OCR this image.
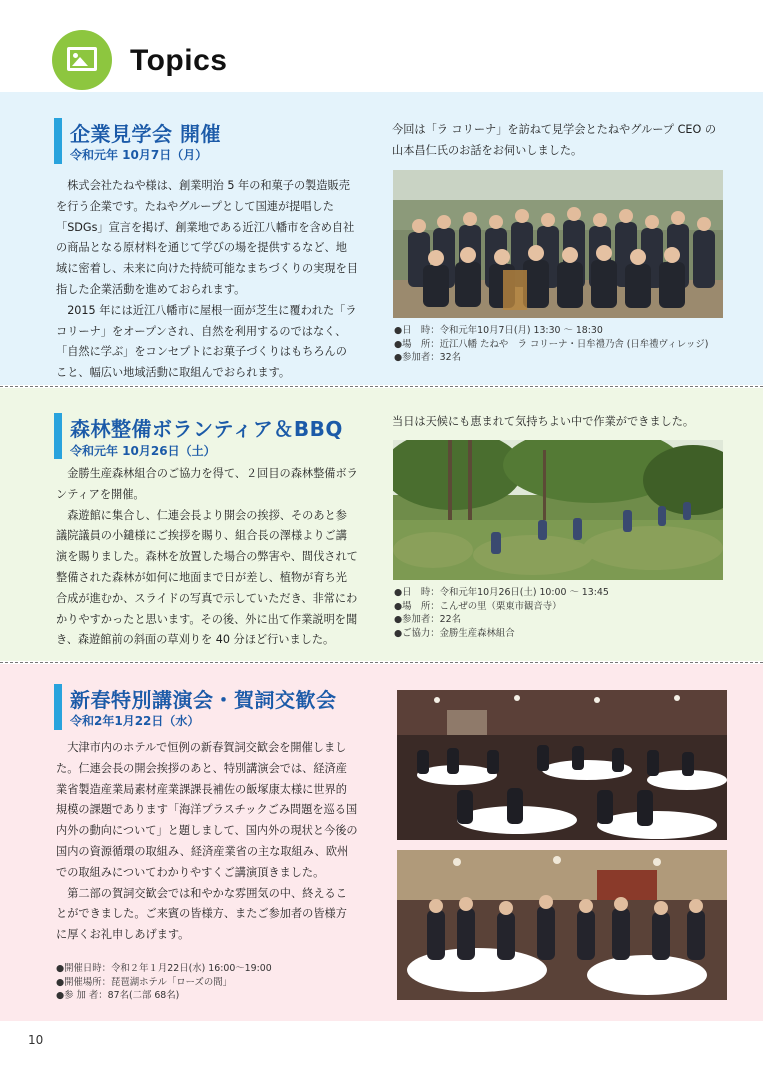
Topics
企業見学会 開催
令和元年 10月7日（月）

株式会社たねや様は、創業明治 5 年の和菓子の製造販売を行う企業です。たねやグループとして国連が提唱した「SDGs」宣言を掲げ、創業地である近江八幡市を含め自社の商品となる原材料を通じて学びの場を提供するなど、地域に密着し、未来に向けた持続可能なまちづくりの実現を目指した企業活動を進めておられます。

2015 年には近江八幡市に屋根一面が芝生に覆われた「ラ コリーナ」をオープンされ、自然を利用するのではなく、「自然に学ぶ」をコンセプトにお菓子づくりはもちろんのこと、幅広い地域活動に取組んでおられます。

今回は「ラ コリーナ」を訪ねて見学会とたねやグループ CEO の山本昌仁氏のお話をお伺いしました。
●日　時：令和元年10月7日(月) 13:30 ～ 18:30
●場　所：近江八幡 たねや　ラ コリーナ・日牟禮乃舎 (日牟禮ヴィレッジ)
●参加者：32名
森林整備ボランティア＆BBQ
令和元年 10月26日（土）

金勝生産森林組合のご協力を得て、２回目の森林整備ボランティアを開催。

森遊館に集合し、仁連会長より開会の挨拶、そのあと参議院議員の小鑓様にご挨拶を賜り、組合長の澤様よりご講演を賜りました。森林を放置した場合の弊害や、間伐されて整備された森林が如何に地面まで日が差し、植物が育ち光合成が進むか、スライドの写真で示していただき、非常にわかりやすかったと思います。その後、外に出て作業説明を聞き、森遊館前の斜面の草刈りを 40 分ほど行いました。

当日は天候にも恵まれて気持ちよい中で作業ができました。
●日　時：令和元年10月26日(土) 10:00 ～ 13:45
●場　所：こんぜの里（栗東市観音寺）
●参加者：22名
●ご協力：金勝生産森林組合
新春特別講演会・賀詞交歓会
令和2年1月22日（水）

大津市内のホテルで恒例の新春賀詞交歓会を開催しました。仁連会長の開会挨拶のあと、特別講演会では、経済産業省製造産業局素材産業課課長補佐の飯塚康太様に世界的規模の課題であります「海洋プラスチックごみ問題を巡る国内外の動向について」と題しまして、国内外の現状と今後の国内の資源循環の取組み、経済産業省の主な取組み、欧州での取組みについてわかりやすくご講演頂きました。

第二部の賀詞交歓会では和やかな雰囲気の中、終えることができました。ご来賓の皆様方、またご参加者の皆様方に厚くお礼申しあげます。

●開催日時：令和２年１月22日(水) 16:00～19:00
●開催場所：琵琶湖ホテル「ローズの間」
●参 加 者：87名(二部 68名)
10
